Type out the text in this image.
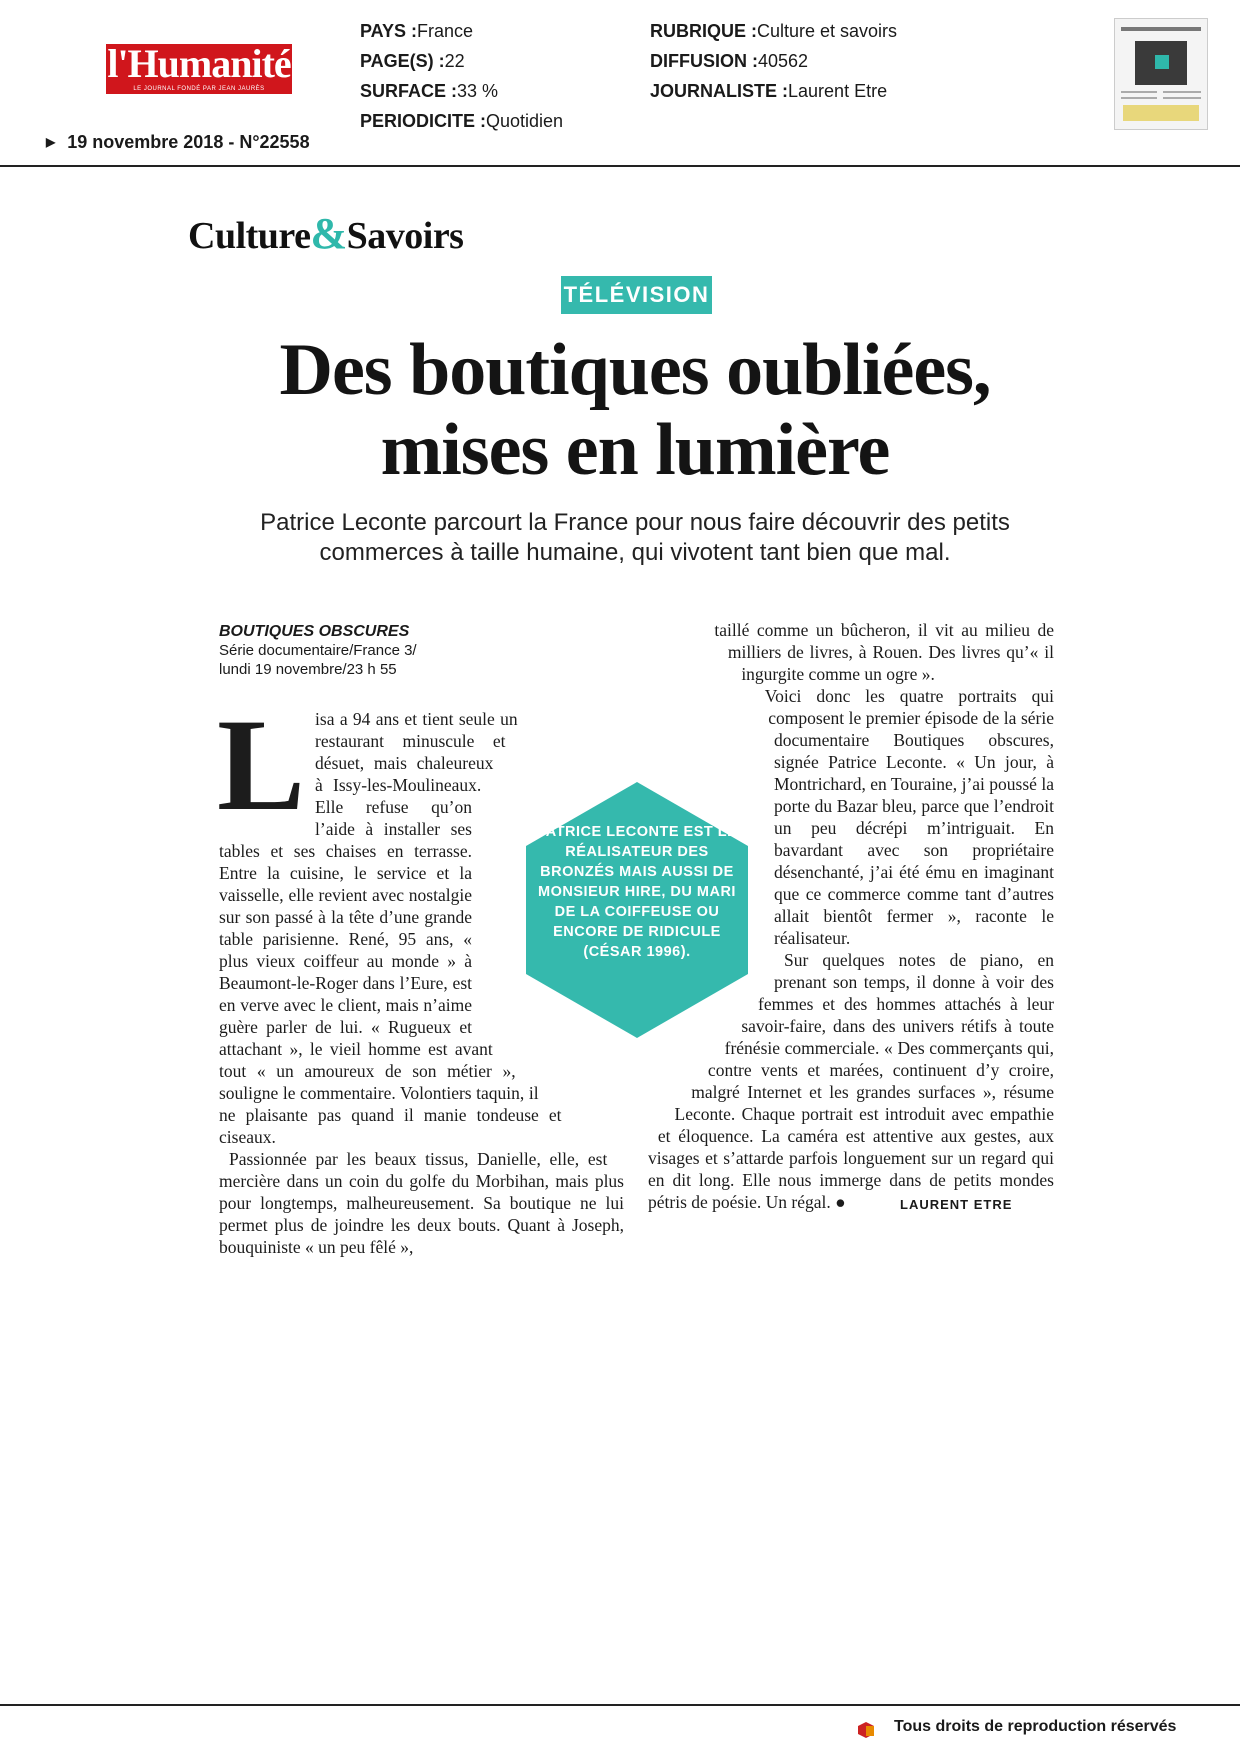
l'Humanité
LE JOURNAL FONDÉ PAR JEAN JAURÈS
PAYS :France
PAGE(S) :22
SURFACE :33 %
PERIODICITE :Quotidien
RUBRIQUE :Culture et savoirs
DIFFUSION :40562
JOURNALISTE :Laurent Etre
▶ 19 novembre 2018 - N°22558
Culture&Savoirs
TÉLÉVISION
Des boutiques oubliées,
mises en lumière
Patrice Leconte parcourt la France pour nous faire découvrir des petits commerces à taille humaine, qui vivotent tant bien que mal.
BOUTIQUES OBSCURES
Série documentaire/France 3/
lundi 19 novembre/23 h 55
L isa a 94 ans et tient seule un restaurant minuscule et désuet, mais chaleureux à Issy-les-Moulineaux. Elle refuse qu’on l’aide à installer ses tables et ses chaises en terrasse. Entre la cuisine, le service et la vaisselle, elle revient avec nostalgie sur son passé à la tête d’une grande table parisienne. René, 95 ans, « plus vieux coiffeur au monde » à Beaumont-le-Roger dans l’Eure, est en verve avec le client, mais n’aime guère parler de lui. « Rugueux et attachant », le vieil homme est avant tout « un amoureux de son métier », souligne le commentaire. Volontiers taquin, il ne plaisante pas quand il manie tondeuse et ciseaux.

Passionnée par les beaux tissus, Danielle, elle, est mercière dans un coin du golfe du Morbihan, mais plus pour longtemps, malheureusement. Sa boutique ne lui permet plus de joindre les deux bouts. Quant à Joseph, bouquiniste « un peu fêlé »,

taillé comme un bûcheron, il vit au milieu de milliers de livres, à Rouen. Des livres qu’« il ingurgite comme un ogre ».

Voici donc les quatre portraits qui composent le premier épisode de la série documentaire Boutiques obscures, signée Patrice Leconte. « Un jour, à Montrichard, en Touraine, j’ai poussé la porte du Bazar bleu, parce que l’endroit un peu décrépi m’intriguait. En bavardant avec son propriétaire désenchanté, j’ai été ému en imaginant que ce commerce comme tant d’autres allait bientôt fermer », raconte le réalisateur.

Sur quelques notes de piano, en prenant son temps, il donne à voir des femmes et des hommes attachés à leur savoir-faire, dans des univers rétifs à toute frénésie commerciale. « Des commerçants qui, contre vents et marées, continuent d’y croire, malgré Internet et les grandes surfaces », résume Leconte. Chaque portrait est introduit avec empathie et éloquence. La caméra est attentive aux gestes, aux visages et s’attarde parfois longuement sur un regard qui en dit long. Elle nous immerge dans de petits mondes pétris de poésie. Un régal. ●

PATRICE LECONTE EST LE RÉALISATEUR DES BRONZÉS MAIS AUSSI DE MONSIEUR HIRE, DU MARI DE LA COIFFEUSE OU ENCORE DE RIDICULE (CÉSAR 1996).
LAURENT ETRE
Tous droits de reproduction réservés
